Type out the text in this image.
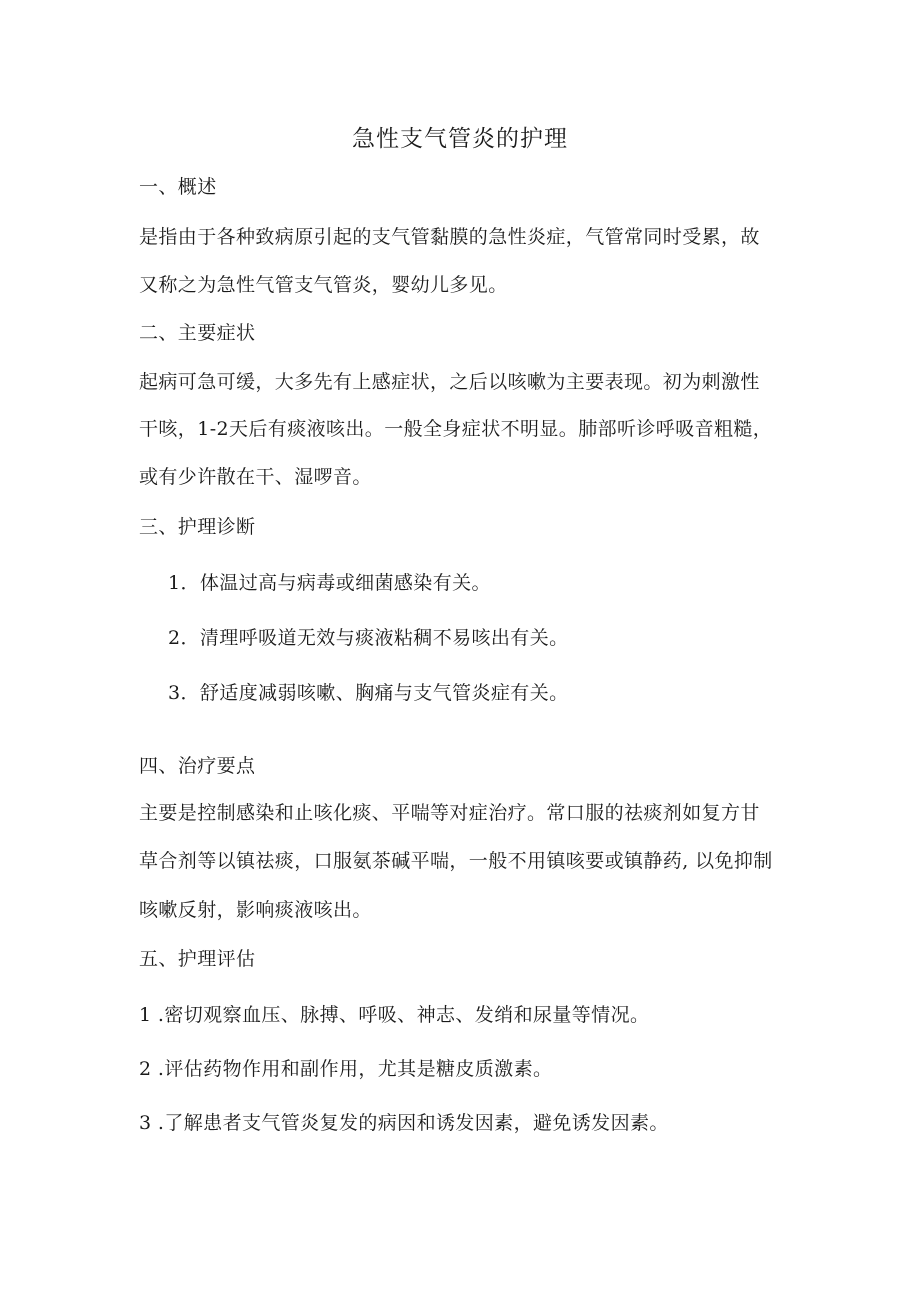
急性支气管炎的护理
一、概述
是指由于各种致病原引起的支气管黏膜的急性炎症，气管常同时受累，故
又称之为急性气管支气管炎，婴幼儿多见。
二、主要症状
起病可急可缓，大多先有上感症状，之后以咳嗽为主要表现。初为刺激性
干咳，1-2天后有痰液咳出。一般全身症状不明显。肺部听诊呼吸音粗糙，
或有少许散在干、湿啰音。
三、护理诊断
1．体温过高与病毒或细菌感染有关。
2．清理呼吸道无效与痰液粘稠不易咳出有关。
3．舒适度减弱咳嗽、胸痛与支气管炎症有关。
四、治疗要点
主要是控制感染和止咳化痰、平喘等对症治疗。常口服的祛痰剂如复方甘
草合剂等以镇祛痰，口服氨茶碱平喘，一般不用镇咳要或镇静药, 以免抑制
咳嗽反射，影响痰液咳出。
五、护理评估
1 .密切观察血压、脉搏、呼吸、神志、发绡和尿量等情况。
2 .评估药物作用和副作用，尤其是糖皮质激素。
3 .了解患者支气管炎复发的病因和诱发因素，避免诱发因素。
